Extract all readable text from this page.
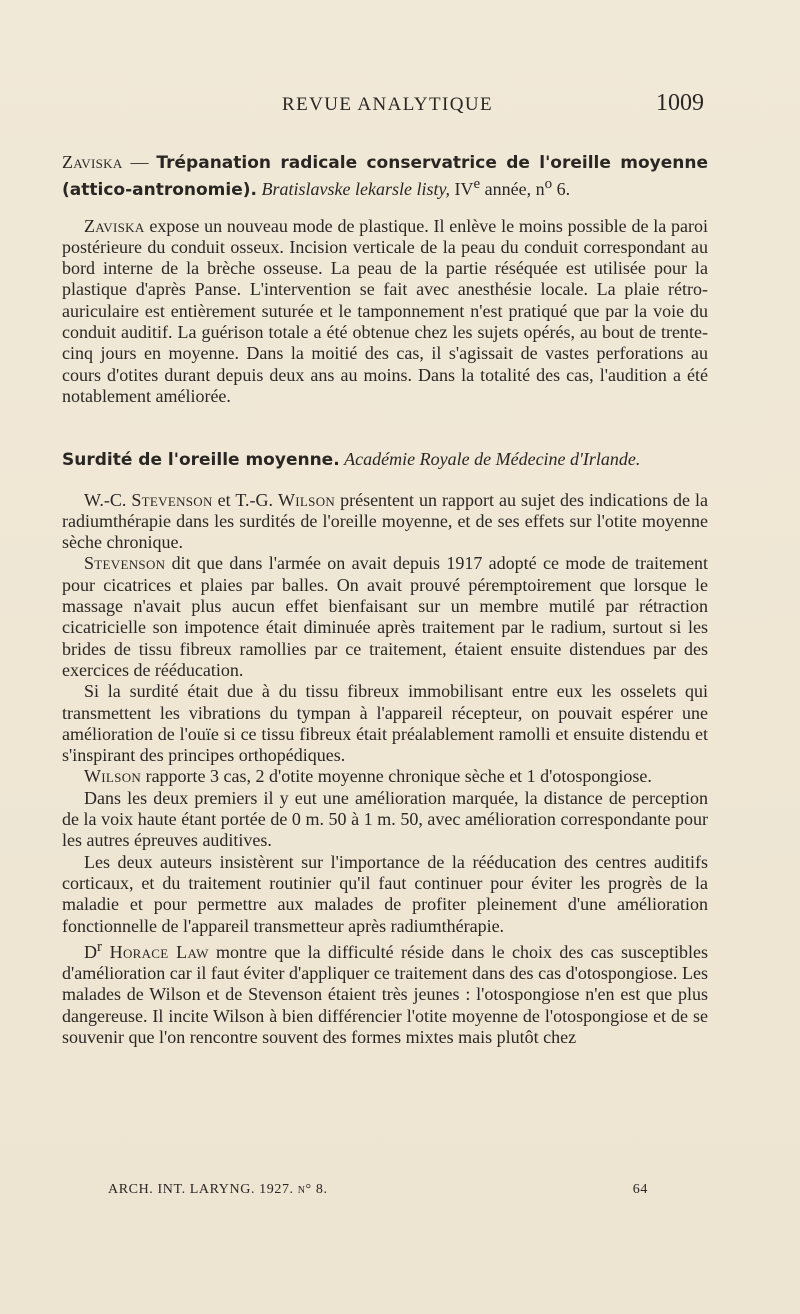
REVUE ANALYTIQUE	1009

Zaviska — Trépanation radicale conservatrice de l'oreille moyenne (attico-antronomie). Bratislavske lekarsle listy, IVe année, $n^o$ 6.

Zaviska expose un nouveau mode de plastique. Il enlève le moins possible de la paroi postérieure du conduit osseux. Incision verticale de la peau du conduit correspondant au bord interne de la brèche osseuse. La peau de la partie réséquée est utilisée pour la plastique d'après Panse. L'intervention se fait avec anesthésie locale. La plaie rétro-auriculaire est entièrement suturée et le tamponnement n'est pratiqué que par la voie du conduit auditif. La guérison totale a été obtenue chez les sujets opérés, au bout de trente-cinq jours en moyenne. Dans la moitié des cas, il s'agissait de vastes perforations au cours d'otites durant depuis deux ans au moins. Dans la totalité des cas, l'audition a été notablement améliorée.

Surdité de l'oreille moyenne. Académie Royale de Médecine d'Irlande.

W.-C. Stevenson et T.-G. Wilson présentent un rapport au sujet des indications de la radiumthérapie dans les surdités de l'oreille moyenne, et de ses effets sur l'otite moyenne sèche chronique.

Stevenson dit que dans l'armée on avait depuis 1917 adopté ce mode de traitement pour cicatrices et plaies par balles. On avait prouvé péremptoirement que lorsque le massage n'avait plus aucun effet bienfaisant sur un membre mutilé par rétraction cicatricielle son impotence était diminuée après traitement par le radium, surtout si les brides de tissu fibreux ramollies par ce traitement, étaient ensuite distendues par des exercices de rééducation.

Si la surdité était due à du tissu fibreux immobilisant entre eux les osselets qui transmettent les vibrations du tympan à l'appareil récepteur, on pouvait espérer une amélioration de l'ouïe si ce tissu fibreux était préalablement ramolli et ensuite distendu et s'inspirant des principes orthopédiques.

Wilson rapporte 3 cas, 2 d'otite moyenne chronique sèche et 1 d'otospongiose.

Dans les deux premiers il y eut une amélioration marquée, la distance de perception de la voix haute étant portée de 0 m. 50 à 1 m. 50, avec amélioration correspondante pour les autres épreuves auditives.

Les deux auteurs insistèrent sur l'importance de la rééducation des centres auditifs corticaux, et du traitement routinier qu'il faut continuer pour éviter les progrès de la maladie et pour permettre aux malades de profiter pleinement d'une amélioration fonctionnelle de l'appareil transmetteur après radiumthérapie.

$D^r$ Horace Law montre que la difficulté réside dans le choix des cas susceptibles d'amélioration car il faut éviter d'appliquer ce traitement dans des cas d'otospongiose. Les malades de Wilson et de Stevenson étaient très jeunes : l'otospongiose n'en est que plus dangereuse. Il incite Wilson à bien différencier l'otite moyenne de l'otospongiose et de se souvenir que l'on rencontre souvent des formes mixtes mais plutôt chez

ARCH. INT. LARYNG. 1927. n° 8.	64
